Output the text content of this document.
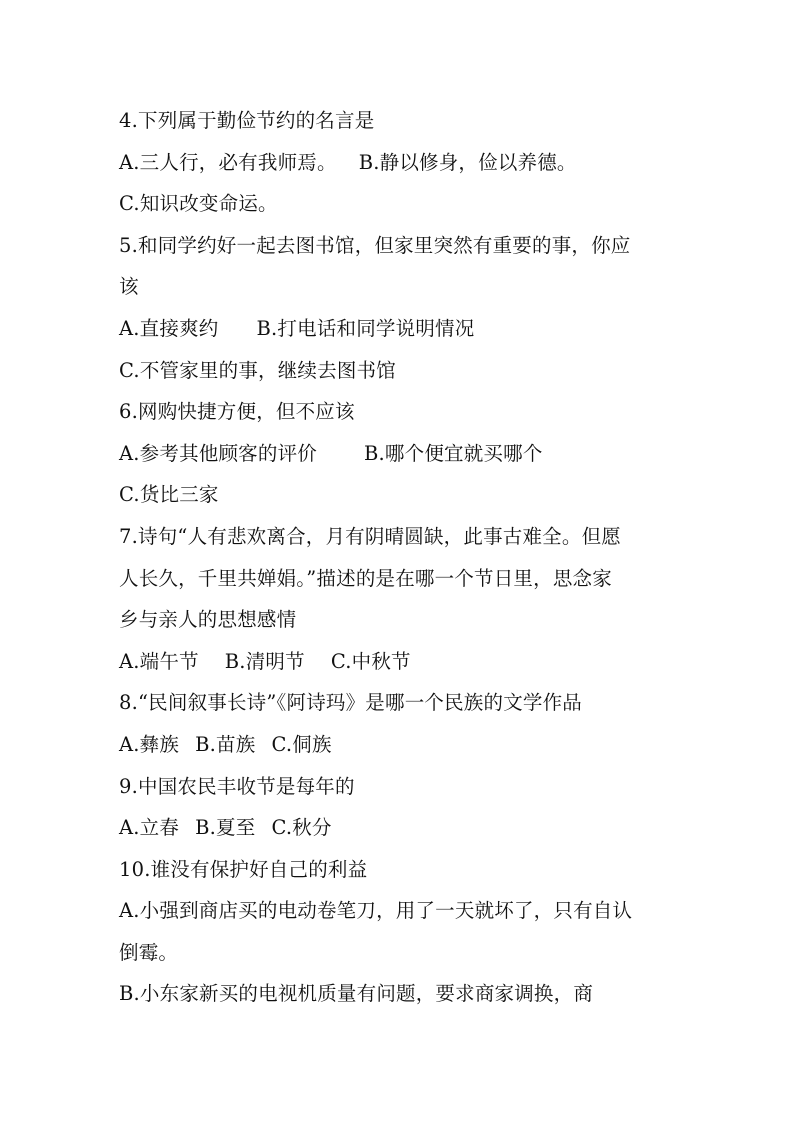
4.下列属于勤俭节约的名言是
A.三人行，必有我师焉。 B.静以修身，俭以养德。
C.知识改变命运。
5.和同学约好一起去图书馆，但家里突然有重要的事，你应
该
A.直接爽约 B.打电话和同学说明情况
C.不管家里的事，继续去图书馆
6.网购快捷方便，但不应该
A.参考其他顾客的评价 B.哪个便宜就买哪个
C.货比三家
7.诗句“人有悲欢离合，月有阴晴圆缺，此事古难全。但愿
人长久，千里共婵娟。”描述的是在哪一个节日里，思念家
乡与亲人的思想感情
A.端午节 B.清明节 C.中秋节
8.“民间叙事长诗”《阿诗玛》是哪一个民族的文学作品
A.彝族 B.苗族 C.侗族
9.中国农民丰收节是每年的
A.立春 B.夏至 C.秋分
10.谁没有保护好自己的利益
A.小强到商店买的电动卷笔刀，用了一天就坏了，只有自认
倒霉。
B.小东家新买的电视机质量有问题，要求商家调换，商
